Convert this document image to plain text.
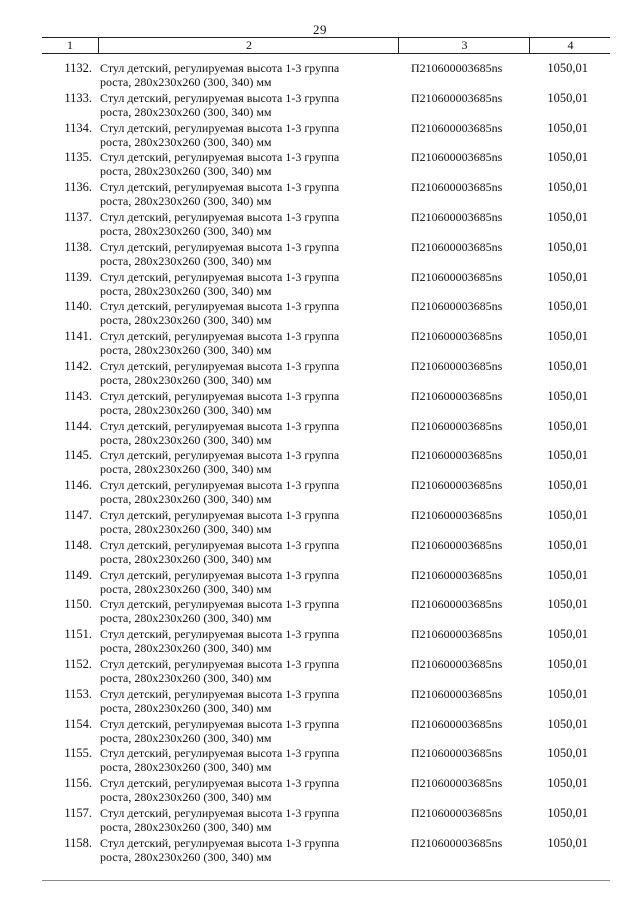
29
1	2	3	4
1132. Стул детский, регулируемая высота 1-3 группа
роста, 280х230х260 (300, 340) мм
П210600003685ns	1050,01
1133. Стул детский, регулируемая высота 1-3 группа
роста, 280х230х260 (300, 340) мм
П210600003685ns	1050,01
1134. Стул детский, регулируемая высота 1-3 группа
роста, 280х230х260 (300, 340) мм
П210600003685ns	1050,01
1135. Стул детский, регулируемая высота 1-3 группа
роста, 280х230х260 (300, 340) мм
П210600003685ns	1050,01
1136. Стул детский, регулируемая высота 1-3 группа
роста, 280х230х260 (300, 340) мм
П210600003685ns	1050,01
1137. Стул детский, регулируемая высота 1-3 группа
роста, 280х230х260 (300, 340) мм
П210600003685ns	1050,01
1138. Стул детский, регулируемая высота 1-3 группа
роста, 280х230х260 (300, 340) мм
П210600003685ns	1050,01
1139. Стул детский, регулируемая высота 1-3 группа
роста, 280х230х260 (300, 340) мм
П210600003685ns	1050,01
1140. Стул детский, регулируемая высота 1-3 группа
роста, 280х230х260 (300, 340) мм
П210600003685ns	1050,01
1141. Стул детский, регулируемая высота 1-3 группа
роста, 280х230х260 (300, 340) мм
П210600003685ns	1050,01
1142. Стул детский, регулируемая высота 1-3 группа
роста, 280х230х260 (300, 340) мм
П210600003685ns	1050,01
1143. Стул детский, регулируемая высота 1-3 группа
роста, 280х230х260 (300, 340) мм
П210600003685ns	1050,01
1144. Стул детский, регулируемая высота 1-3 группа
роста, 280х230х260 (300, 340) мм
П210600003685ns	1050,01
1145. Стул детский, регулируемая высота 1-3 группа
роста, 280х230х260 (300, 340) мм
П210600003685ns	1050,01
1146. Стул детский, регулируемая высота 1-3 группа
роста, 280х230х260 (300, 340) мм
П210600003685ns	1050,01
1147. Стул детский, регулируемая высота 1-3 группа
роста, 280х230х260 (300, 340) мм
П210600003685ns	1050,01
1148. Стул детский, регулируемая высота 1-3 группа
роста, 280х230х260 (300, 340) мм
П210600003685ns	1050,01
1149. Стул детский, регулируемая высота 1-3 группа
роста, 280х230х260 (300, 340) мм
П210600003685ns	1050,01
1150. Стул детский, регулируемая высота 1-3 группа
роста, 280х230х260 (300, 340) мм
П210600003685ns	1050,01
1151. Стул детский, регулируемая высота 1-3 группа
роста, 280х230х260 (300, 340) мм
П210600003685ns	1050,01
1152. Стул детский, регулируемая высота 1-3 группа
роста, 280х230х260 (300, 340) мм
П210600003685ns	1050,01
1153. Стул детский, регулируемая высота 1-3 группа
роста, 280х230х260 (300, 340) мм
П210600003685ns	1050,01
1154. Стул детский, регулируемая высота 1-3 группа
роста, 280х230х260 (300, 340) мм
П210600003685ns	1050,01
1155. Стул детский, регулируемая высота 1-3 группа
роста, 280х230х260 (300, 340) мм
П210600003685ns	1050,01
1156. Стул детский, регулируемая высота 1-3 группа
роста, 280х230х260 (300, 340) мм
П210600003685ns	1050,01
1157. Стул детский, регулируемая высота 1-3 группа
роста, 280х230х260 (300, 340) мм
П210600003685ns	1050,01
1158. Стул детский, регулируемая высота 1-3 группа
роста, 280х230х260 (300, 340) мм
П210600003685ns	1050,01
